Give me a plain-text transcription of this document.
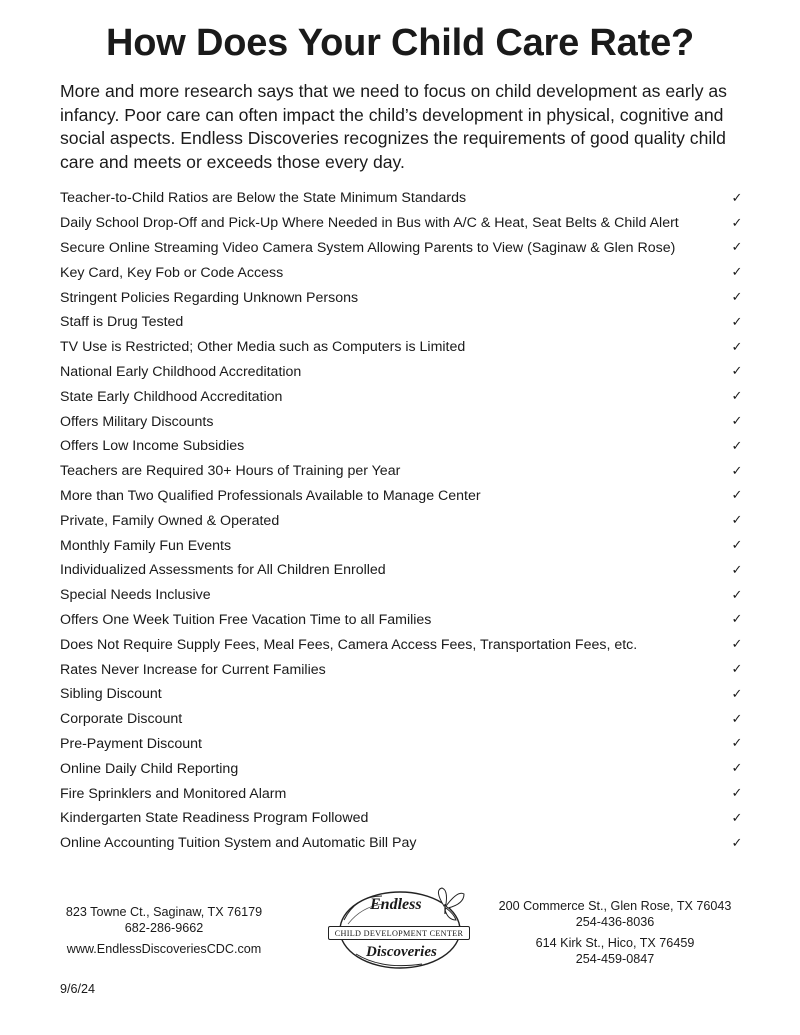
How Does Your Child Care Rate?

More and more research says that we need to focus on child development as early as infancy. Poor care can often impact the child’s development in physical, cognitive and social aspects. Endless Discoveries recognizes the requirements of good quality child care and meets or exceeds those every day.

Teacher-to-Child Ratios are Below the State Minimum Standards	✓
Daily School Drop-Off and Pick-Up Where Needed in Bus with A/C & Heat, Seat Belts & Child Alert	✓
Secure Online Streaming Video Camera System Allowing Parents to View (Saginaw & Glen Rose)	✓
Key Card, Key Fob or Code Access	✓
Stringent Policies Regarding Unknown Persons	✓
Staff is Drug Tested	✓
TV Use is Restricted; Other Media such as Computers is Limited	✓
National Early Childhood Accreditation	✓
State Early Childhood Accreditation	✓
Offers Military Discounts	✓
Offers Low Income Subsidies	✓
Teachers are Required 30+ Hours of Training per Year	✓
More than Two Qualified Professionals Available to Manage Center	✓
Private, Family Owned & Operated	✓
Monthly Family Fun Events	✓
Individualized Assessments for All Children Enrolled	✓
Special Needs Inclusive	✓
Offers One Week Tuition Free Vacation Time to all Families	✓
Does Not Require Supply Fees, Meal Fees, Camera Access Fees, Transportation Fees, etc.	✓
Rates Never Increase for Current Families	✓
Sibling Discount	✓
Corporate Discount	✓
Pre-Payment Discount	✓
Online Daily Child Reporting	✓
Fire Sprinklers and Monitored Alarm	✓
Kindergarten State Readiness Program Followed	✓
Online Accounting Tuition System and Automatic Bill Pay	✓
823 Towne Ct., Saginaw, TX 76179
682-286-9662
www.EndlessDiscoveriesCDC.com
Endless
CHILD DEVELOPMENT CENTER
Discoveries
200 Commerce St., Glen Rose, TX 76043
254-436-8036
614 Kirk St., Hico, TX 76459
254-459-0847
9/6/24
